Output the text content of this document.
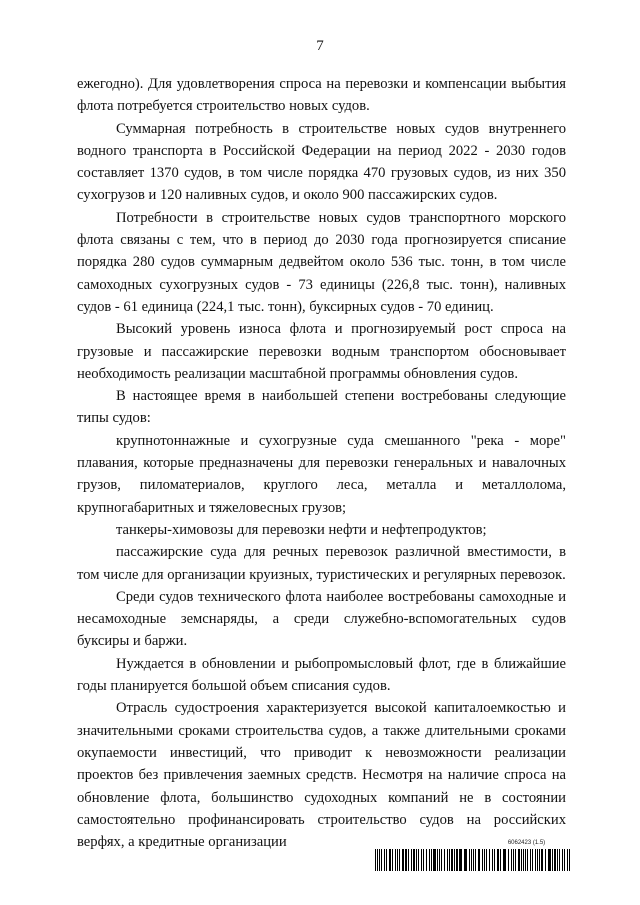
7

ежегодно). Для удовлетворения спроса на перевозки и компенсации выбытия флота потребуется строительство новых судов.

Суммарная потребность в строительстве новых судов внутреннего водного транспорта в Российской Федерации на период 2022 - 2030 годов составляет 1370 судов, в том числе порядка 470 грузовых судов, из них 350 сухогрузов и 120 наливных судов, и около 900 пассажирских судов.

Потребности в строительстве новых судов транспортного морского флота связаны с тем, что в период до 2030 года прогнозируется списание порядка 280 судов суммарным дедвейтом около 536 тыс. тонн, в том числе самоходных сухогрузных судов - 73 единицы (226,8 тыс. тонн), наливных судов - 61 единица (224,1 тыс. тонн), буксирных судов - 70 единиц.

Высокий уровень износа флота и прогнозируемый рост спроса на грузовые и пассажирские перевозки водным транспортом обосновывает необходимость реализации масштабной программы обновления судов.

В настоящее время в наибольшей степени востребованы следующие типы судов:

крупнотоннажные и сухогрузные суда смешанного "река - море" плавания, которые предназначены для перевозки генеральных и навалочных грузов, пиломатериалов, круглого леса, металла и металлолома, крупногабаритных и тяжеловесных грузов;

танкеры-химовозы для перевозки нефти и нефтепродуктов;

пассажирские суда для речных перевозок различной вместимости, в том числе для организации круизных, туристических и регулярных перевозок.

Среди судов технического флота наиболее востребованы самоходные и несамоходные земснаряды, а среди служебно-вспомогательных судов буксиры и баржи.

Нуждается в обновлении и рыбопромысловый флот, где в ближайшие годы планируется большой объем списания судов.

Отрасль судостроения характеризуется высокой капиталоемкостью и значительными сроками строительства судов, а также длительными сроками окупаемости инвестиций, что приводит к невозможности реализации проектов без привлечения заемных средств. Несмотря на наличие спроса на обновление флота, большинство судоходных компаний не в состоянии самостоятельно профинансировать строительство судов на российских верфях, а кредитные организации	6062423 (1.5)
